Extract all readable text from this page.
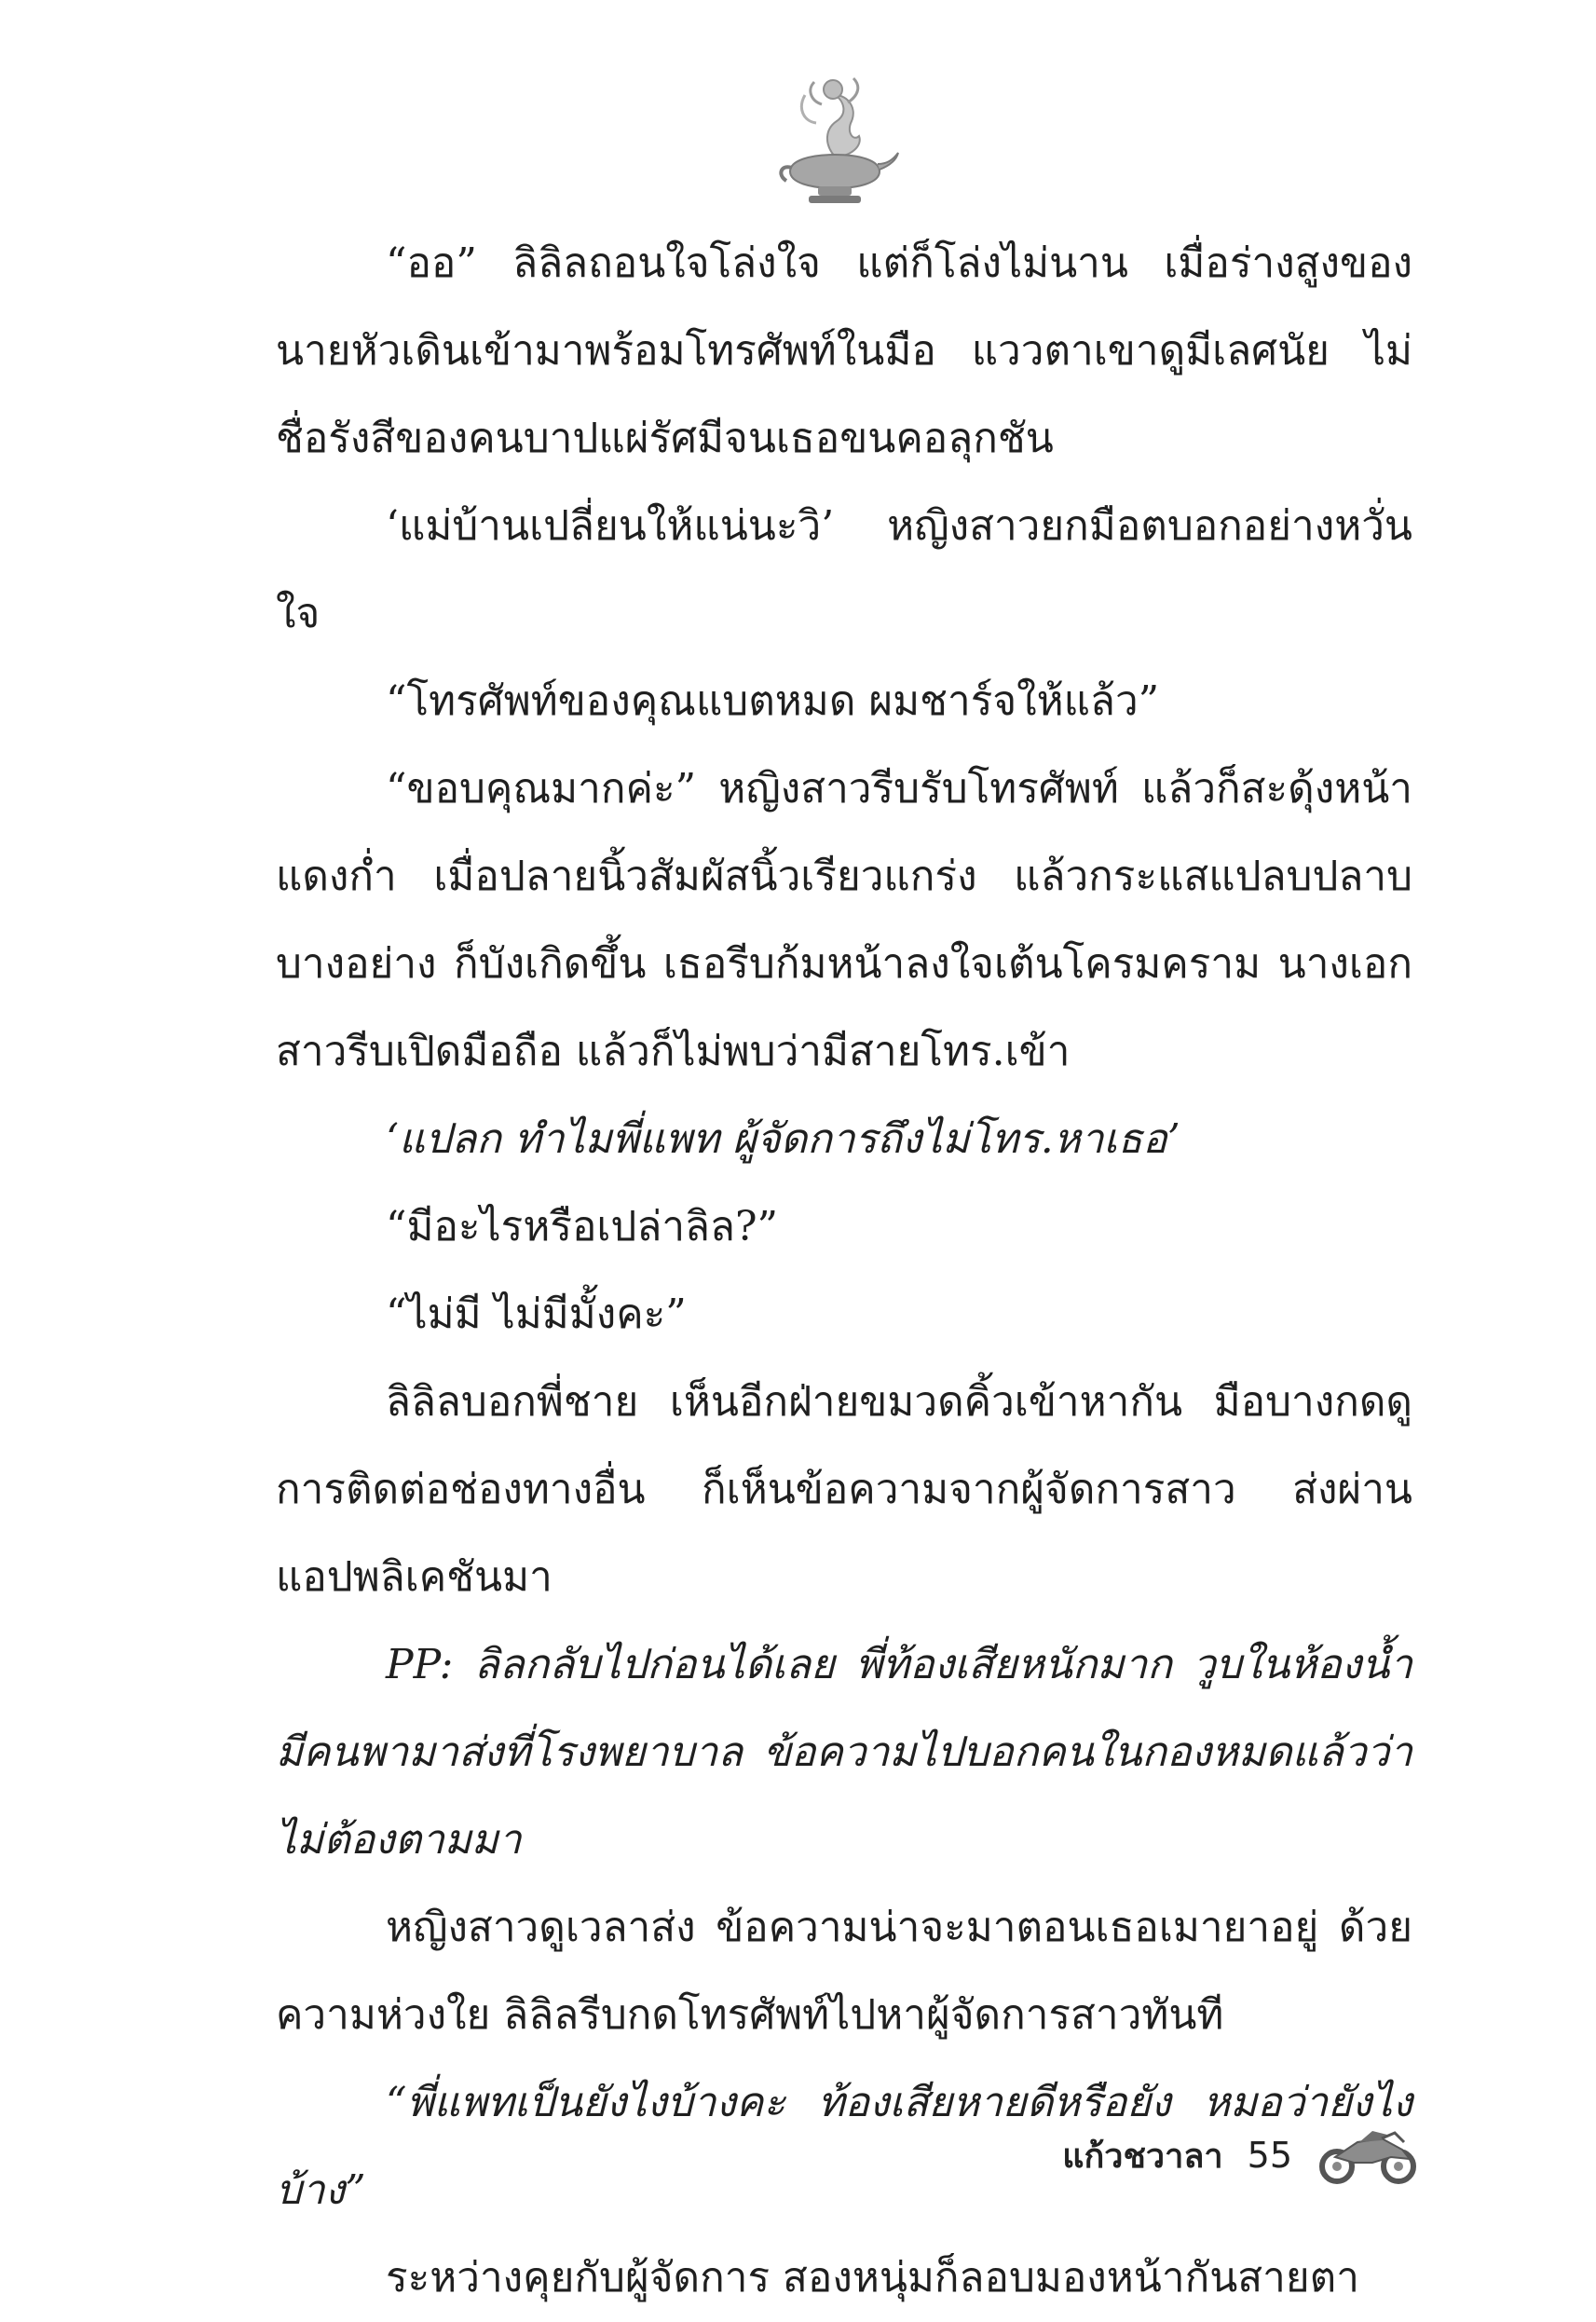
“ออ” ลิลิลถอนใจโล่งใจ แต่ก็โล่งไม่นาน เมื่อร่างสูงของนายหัวเดินเข้ามาพร้อมโทรศัพท์ในมือ แววตาเขาดูมีเลศนัย ไม่ชื่อรังสีของคนบาปแผ่รัศมีจนเธอขนคอลุกชัน

‘แม่บ้านเปลี่ยนให้แน่นะวิ’ หญิงสาวยกมือตบอกอย่างหวั่นใจ

“โทรศัพท์ของคุณแบตหมด ผมชาร์จให้แล้ว”

“ขอบคุณมากค่ะ” หญิงสาวรีบรับโทรศัพท์ แล้วก็สะดุ้งหน้าแดงก่ำ เมื่อปลายนิ้วสัมผัสนิ้วเรียวแกร่ง แล้วกระแสแปลบปลาบบางอย่าง ก็บังเกิดขึ้น เธอรีบก้มหน้าลงใจเต้นโครมคราม นางเอกสาวรีบเปิดมือถือ แล้วก็ไม่พบว่ามีสายโทร.เข้า

‘แปลก ทำไมพี่แพท ผู้จัดการถึงไม่โทร.หาเธอ’

“มีอะไรหรือเปล่าลิล?”

“ไม่มี ไม่มีมั้งคะ”

ลิลิลบอกพี่ชาย เห็นอีกฝ่ายขมวดคิ้วเข้าหากัน มือบางกดดูการติดต่อช่องทางอื่น ก็เห็นข้อความจากผู้จัดการสาว ส่งผ่านแอปพลิเคชันมา

PP: ลิลกลับไปก่อนได้เลย พี่ท้องเสียหนักมาก วูบในห้องน้ำมีคนพามาส่งที่โรงพยาบาล ข้อความไปบอกคนในกองหมดแล้วว่าไม่ต้องตามมา

หญิงสาวดูเวลาส่ง ข้อความน่าจะมาตอนเธอเมายาอยู่ ด้วยความห่วงใย ลิลิลรีบกดโทรศัพท์ไปหาผู้จัดการสาวทันที

“พี่แพทเป็นยังไงบ้างคะ ท้องเสียหายดีหรือยัง หมอว่ายังไงบ้าง”

ระหว่างคุยกับผู้จัดการ สองหนุ่มก็ลอบมองหน้ากันสายตา

แก้วชวาลา 55
